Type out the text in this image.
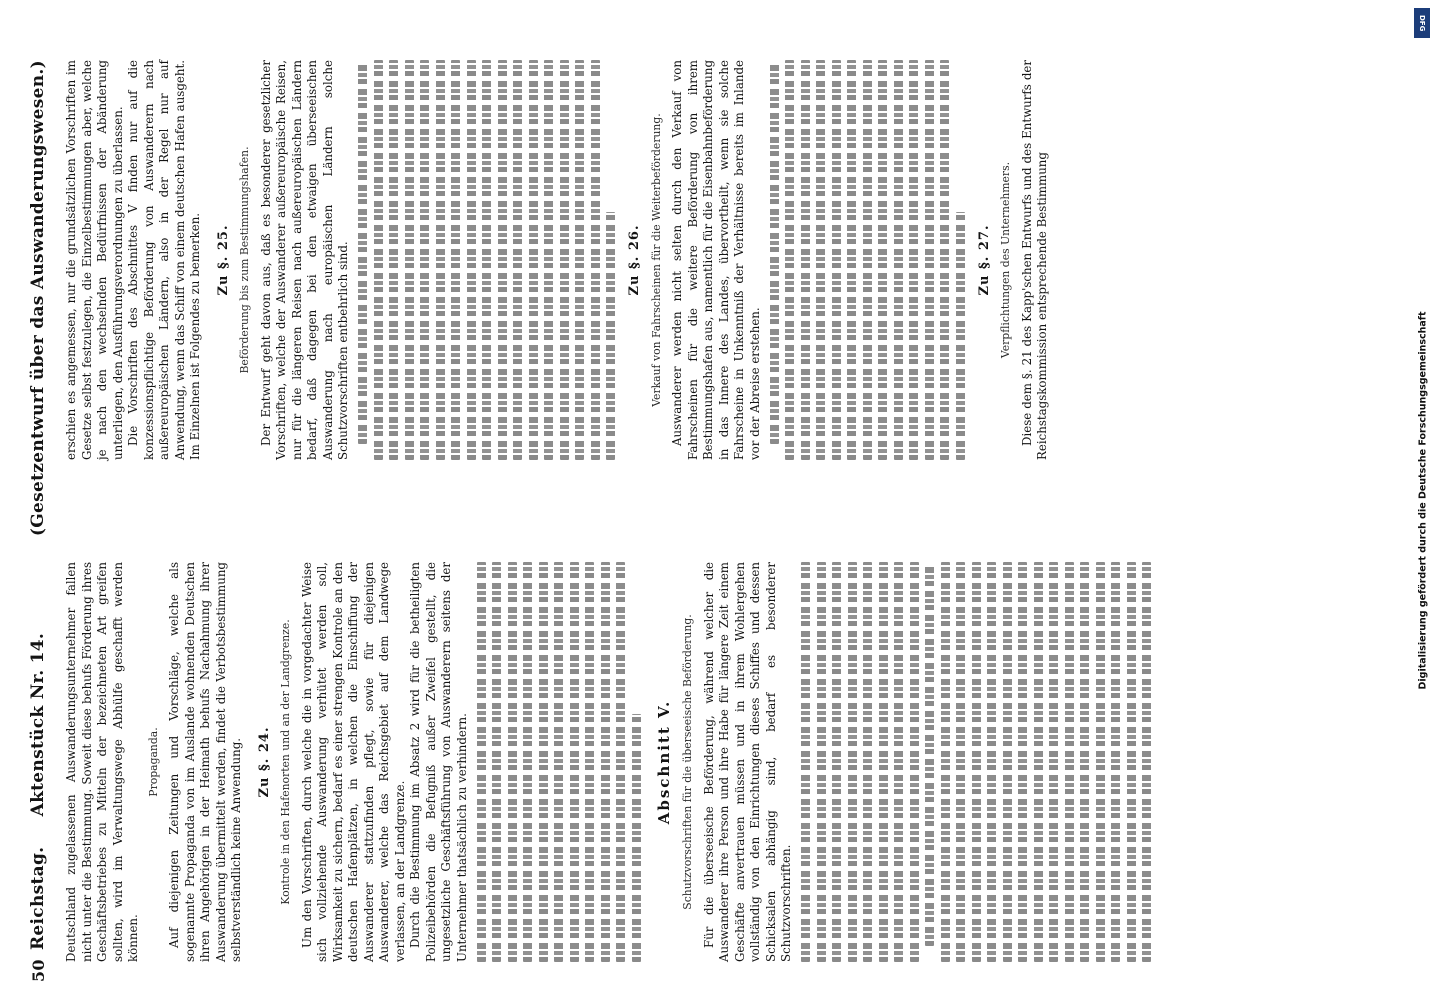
50
Reichstag. Aktenstück Nr. 14.
(Gesetzentwurf über das Auswanderungswesen.)

Deutschland zugelassenen Auswanderungsunternehmer fallen nicht unter die Bestimmung. Soweit diese behufs Förderung ihres Geschäftsbetriebes zu Mitteln der bezeichneten Art greifen sollten, wird im Verwaltungswege Abhülfe geschafft werden können.

Propaganda. Auf diejenigen Zeitungen und Vorschläge, welche als sogenannte Propaganda von im Auslande wohnenden Deutschen ihren Angehörigen in der Heimath behufs Nachahmung ihrer Auswanderung übermittelt werden, findet die Verbotsbestimmung selbstverständlich keine Anwendung. Zu §. 24. Kontrole in den Hafenorten und an der Landgrenze. Um den Vorschriften, durch welche die in vorgedachter Weise sich vollziehende Auswanderung verhütet werden soll, Wirksamkeit zu sichern, bedarf es einer strengen Kontrole an den deutschen Hafenplätzen, in welchen die Einschiffung der Auswanderer stattzufinden pflegt, sowie für diejenigen Auswanderer, welche das Reichsgebiet auf dem Landwege verlassen, an der Landgrenze. Durch die Bestimmung im Absatz 2 wird für die betheiligten Polizeibehörden die Befugniß außer Zweifel gestellt, die ungesetzliche Geschäftsführung von Auswanderern seitens der Unternehmer thatsächlich zu verhindern.	Abschnitt V. Schutzvorschriften für die überseeische Beförderung. Für die überseeische Beförderung, während welcher die Auswanderer ihre Person und ihre Habe für längere Zeit einem Geschäfte anvertrauen müssen und in ihrem Wohlergehen vollständig von den Einrichtungen dieses Schiffes und dessen Schicksalen abhängig sind, bedarf es besonderer Schutzvorschriften.

erschien es angemessen, nur die grundsätzlichen Vorschriften im Gesetze selbst festzulegen, die Einzelbestimmungen aber, welche je nach den wechselnden Bedürfnissen der Abänderung unterliegen, den Ausführungsverordnungen zu überlassen. Die Vorschriften des Abschnittes V finden nur auf die konzessionspflichtige Beförderung von Auswanderern nach außereuropäischen Ländern, also in der Regel nur auf Anwendung, wenn das Schiff von einem deutschen Hafen ausgeht. Im Einzelnen ist Folgendes zu bemerken. Zu §. 25. Beförderung bis zum Bestimmungshafen. Der Entwurf geht davon aus, daß es besonderer gesetzlicher Vorschriften, welche der Auswanderer außereuropäische Reisen, nur für die längeren Reisen nach außereuropäischen Ländern bedarf, daß dagegen bei den etwaigen überseeischen Auswanderung nach europäischen Ländern solche Schutzvorschriften entbehrlich sind.	Zu §. 26. Verkauf von Fahrscheinen für die Weiterbeförderung. Auswanderer werden nicht selten durch den Verkauf von Fahrscheinen für die weitere Beförderung von ihrem Bestimmungshafen aus, namentlich für die Eisenbahnbeförderung in das Innere des Landes, übervortheilt, wenn sie solche Fahrscheine in Unkenntniß der Verhältnisse bereits im Inlande vor der Abreise erstehen.

Zu §. 27. Verpflichtungen des Unternehmers. Diese dem §. 21 des Kapp'schen Entwurfs und des Entwurfs der Reichstagskommission entsprechende Bestimmung

DFG
Digitalisierung gefördert durch die Deutsche Forschungsgemeinschaft
